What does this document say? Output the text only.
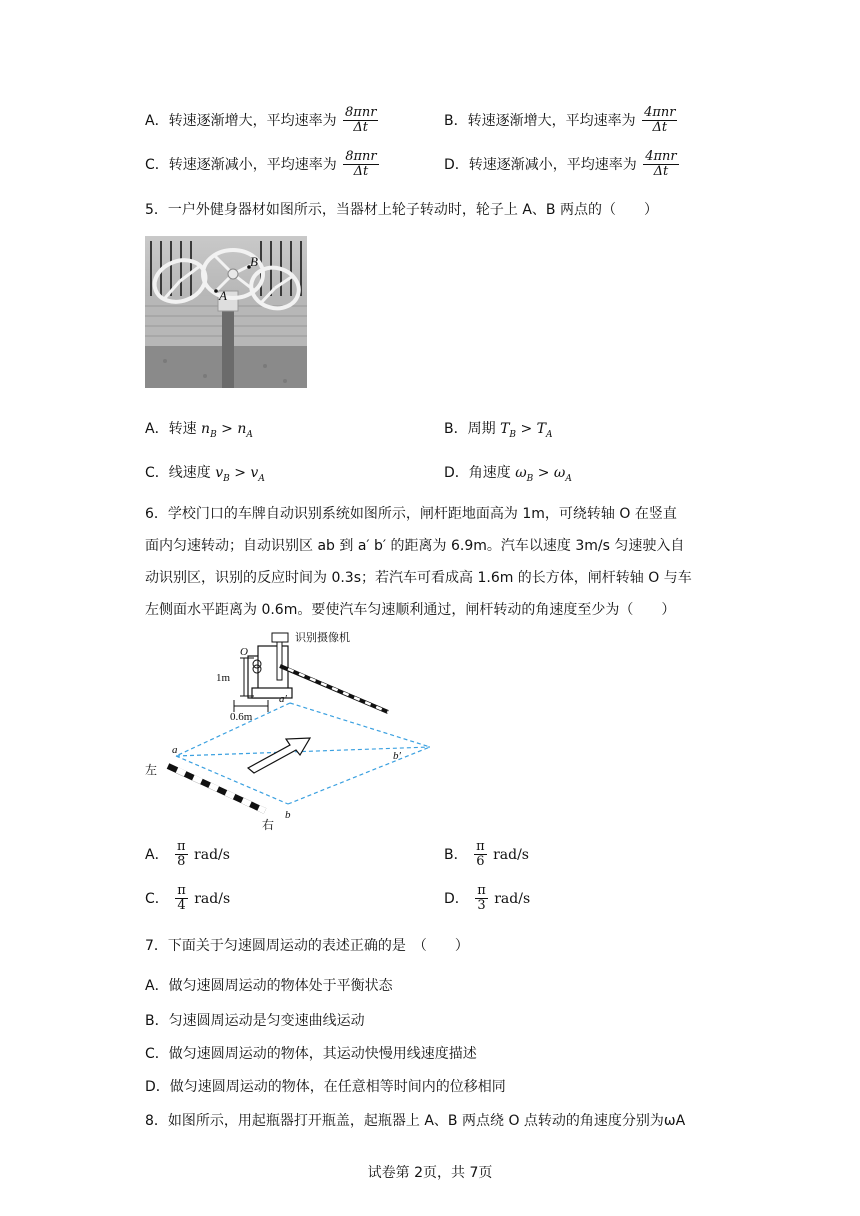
A．转速逐渐增大，平均速率为 $\frac{\text{8πnr}}{\Delta t}$	B．转速逐渐增大，平均速率为 $\frac{\text{4πnr}}{\Delta t}$
C．转速逐渐减小，平均速率为 $\frac{\text{8πnr}}{\Delta t}$	D．转速逐渐减小，平均速率为 $\frac{\text{4πnr}}{\Delta t}$
5．一户外健身器材如图所示，当器材上轮子转动时，轮子上 A、B 两点的（　　）
A
B
A．转速 $n_B > n_A$	B．周期 $T_B > T_A$
C．线速度 $v_B > v_A$	D．角速度 $\omega_B > \omega_A$
6．学校门口的车牌自动识别系统如图所示，闸杆距地面高为 1m，可绕转轴 O 在竖直
面内匀速转动；自动识别区 ab 到 a′ b′ 的距离为 6.9m。汽车以速度 3m/s 匀速驶入自
动识别区，识别的反应时间为 0.3s；若汽车可看成高 1.6m 的长方体，闸杆转轴 O 与车
左侧面水平距离为 0.6m。要使汽车匀速顺利通过，闸杆转动的角速度至少为（　　）
识别摄像机
O
1m
0.6m
a
a′
b
b′
左
右
A． $\frac{\pi}{8} rad/s$	B． $\frac{\pi}{6} rad/s$
C． $\frac{\pi}{4} rad/s$	D． $\frac{\pi}{3} rad/s$
7．下面关于匀速圆周运动的表述正确的是　（　　）
A．做匀速圆周运动的物体处于平衡状态
B．匀速圆周运动是匀变速曲线运动
C．做匀速圆周运动的物体，其运动快慢用线速度描述
D．做匀速圆周运动的物体，在任意相等时间内的位移相同
8．如图所示，用起瓶器打开瓶盖，起瓶器上 A、B 两点绕 O 点转动的角速度分别为ωA
试卷第 2页，共 7页
